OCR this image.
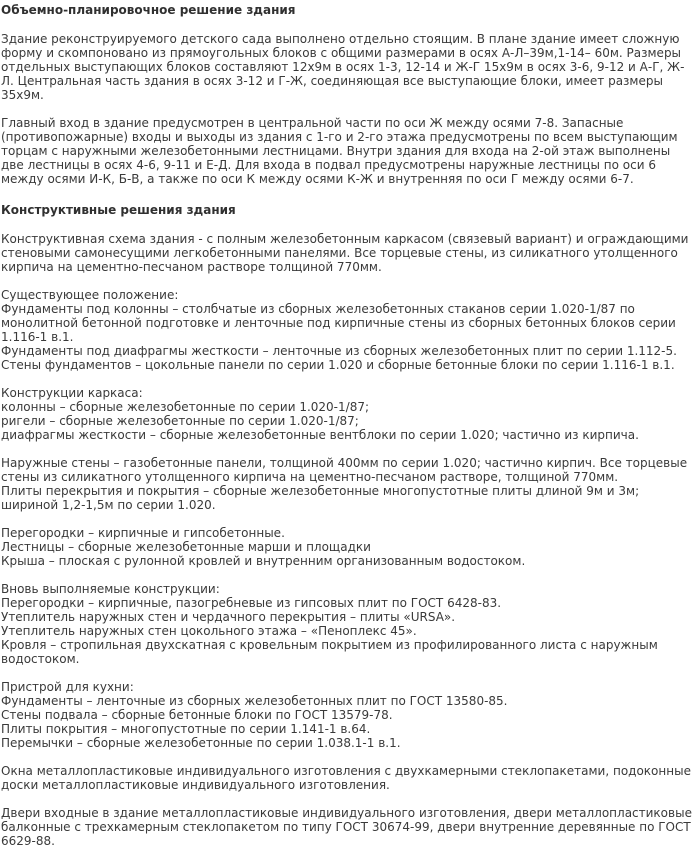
Объемно-планировочное решение здания

Здание реконструируемого детского сада выполнено отдельно стоящим. В плане здание имеет сложную форму и скомпоновано из прямоугольных блоков с общими размерами в осях А-Л–39м,1-14– 60м. Размеры отдельных выступающих блоков составляют 12х9м в осях 1-3, 12-14 и Ж-Г 15х9м в осях 3-6, 9-12 и А-Г, Ж-Л. Центральная часть здания в осях 3-12 и Г-Ж, соединяющая все выступающие блоки, имеет размеры 35х9м.

Главный вход в здание предусмотрен в центральной части по оси Ж между осями 7-8. Запасные (противопожарные) входы и выходы из здания с 1-го и 2-го этажа предусмотрены по всем выступающим торцам с наружными железобетонными лестницами. Внутри здания для входа на 2-ой этаж выполнены две лестницы в осях 4-6, 9-11 и Е-Д. Для входа в подвал предусмотрены наружные лестницы по оси 6 между осями И-К, Б-В, а также по оси К между осями К-Ж и внутренняя по оси Г между осями 6-7.

Конструктивные решения здания

Конструктивная схема здания - с полным железобетонным каркасом (связевый вариант) и ограждающими стеновыми самонесущими легкобетонными панелями. Все торцевые стены, из силикатного утолщенного кирпича на цементно-песчаном растворе толщиной 770мм.

Существующее положение:

Фундаменты под колонны – столбчатые из сборных железобетонных стаканов серии 1.020-1/87 по монолитной бетонной подготовке и ленточные под кирпичные стены из сборных бетонных блоков серии 1.116-1 в.1.

Фундаменты под диафрагмы жесткости – ленточные из сборных железобетонных плит по серии 1.112-5.

Стены фундаментов – цокольные панели по серии 1.020 и сборные бетонные блоки по серии 1.116-1 в.1.

Конструкции каркаса:

колонны – сборные железобетонные по серии 1.020-1/87;

ригели – сборные железобетонные по серии 1.020-1/87;

диафрагмы жесткости – сборные железобетонные вентблоки по серии 1.020; частично из кирпича.

Наружные стены – газобетонные панели, толщиной 400мм по серии 1.020; частично кирпич. Все торцевые стены из силикатного утолщенного кирпича на цементно-песчаном растворе, толщиной 770мм.

Плиты перекрытия и покрытия – сборные железобетонные многопустотные плиты длиной 9м и 3м; шириной 1,2-1,5м по серии 1.020.

Перегородки – кирпичные и гипсобетонные.

Лестницы – сборные железобетонные марши и площадки

Крыша – плоская с рулонной кровлей и внутренним организованным водостоком.

Вновь выполняемые конструкции:

Перегородки – кирпичные, пазогребневые из гипсовых плит по ГОСТ 6428-83.

Утеплитель наружных стен и чердачного перекрытия – плиты «URSA».

Утеплитель наружных стен цокольного этажа – «Пеноплекс 45».

Кровля – стропильная двухскатная с кровельным покрытием из профилированного листа с наружным водостоком.

Пристрой для кухни:

Фундаменты – ленточные из сборных железобетонных плит по ГОСТ 13580-85.

Стены подвала – сборные бетонные блоки по ГОСТ 13579-78.

Плиты покрытия – многопустотные по серии 1.141-1 в.64.

Перемычки – сборные железобетонные по серии 1.038.1-1 в.1.

Окна металлопластиковые индивидуального изготовления с двухкамерными стеклопакетами, подоконные доски металлопластиковые индивидуального изготовления.

Двери входные в здание металлопластиковые индивидуального изготовления, двери металлопластиковые балконные с трехкамерным стеклопакетом по типу ГОСТ 30674-99, двери внутренние деревянные по ГОСТ 6629-88.
